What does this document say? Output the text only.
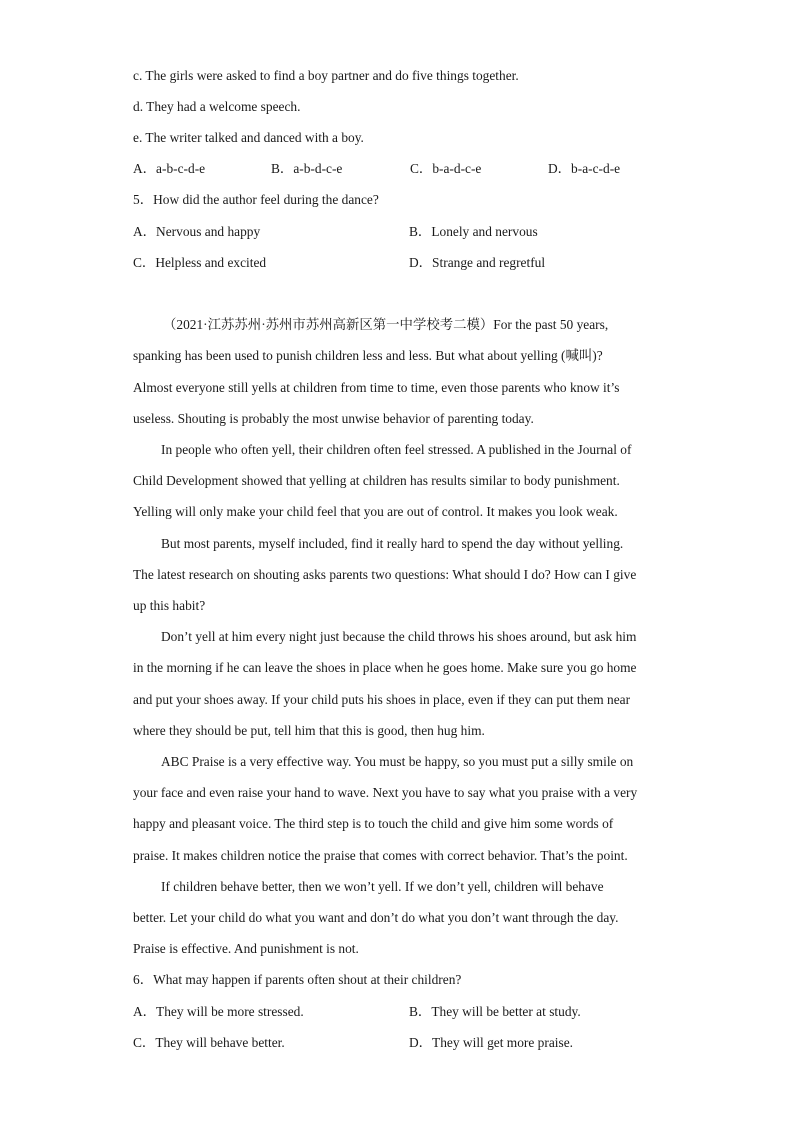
c. The girls were asked to find a boy partner and do five things together.
d. They had a welcome speech.
e. The writer talked and danced with a boy.
A．a-b-c-d-e	B．a-b-d-c-e	C．b-a-d-c-e	D．b-a-c-d-e
5．How did the author feel during the dance?
A．Nervous and happy	B．Lonely and nervous
C．Helpless and excited	D．Strange and regretful
（2021·江苏苏州·苏州市苏州高新区第一中学校考二模）For the past 50 years,
spanking has been used to punish children less and less. But what about yelling (喊叫)?
Almost everyone still yells at children from time to time, even those parents who know it’s
useless. Shouting is probably the most unwise behavior of parenting today.
In people who often yell, their children often feel stressed. A published in the Journal of
Child Development showed that yelling at children has results similar to body punishment.
Yelling will only make your child feel that you are out of control. It makes you look weak.
But most parents, myself included, find it really hard to spend the day without yelling.
The latest research on shouting asks parents two questions: What should I do? How can I give
up this habit?
Don’t yell at him every night just because the child throws his shoes around, but ask him
in the morning if he can leave the shoes in place when he goes home. Make sure you go home
and put your shoes away. If your child puts his shoes in place, even if they can put them near
where they should be put, tell him that this is good, then hug him.
ABC Praise is a very effective way. You must be happy, so you must put a silly smile on
your face and even raise your hand to wave. Next you have to say what you praise with a very
happy and pleasant voice. The third step is to touch the child and give him some words of
praise. It makes children notice the praise that comes with correct behavior. That’s the point.
If children behave better, then we won’t yell. If we don’t yell, children will behave
better. Let your child do what you want and don’t do what you don’t want through the day.
Praise is effective. And punishment is not.
6．What may happen if parents often shout at their children?
A．They will be more stressed.	B．They will be better at study.
C．They will behave better.	D．They will get more praise.
